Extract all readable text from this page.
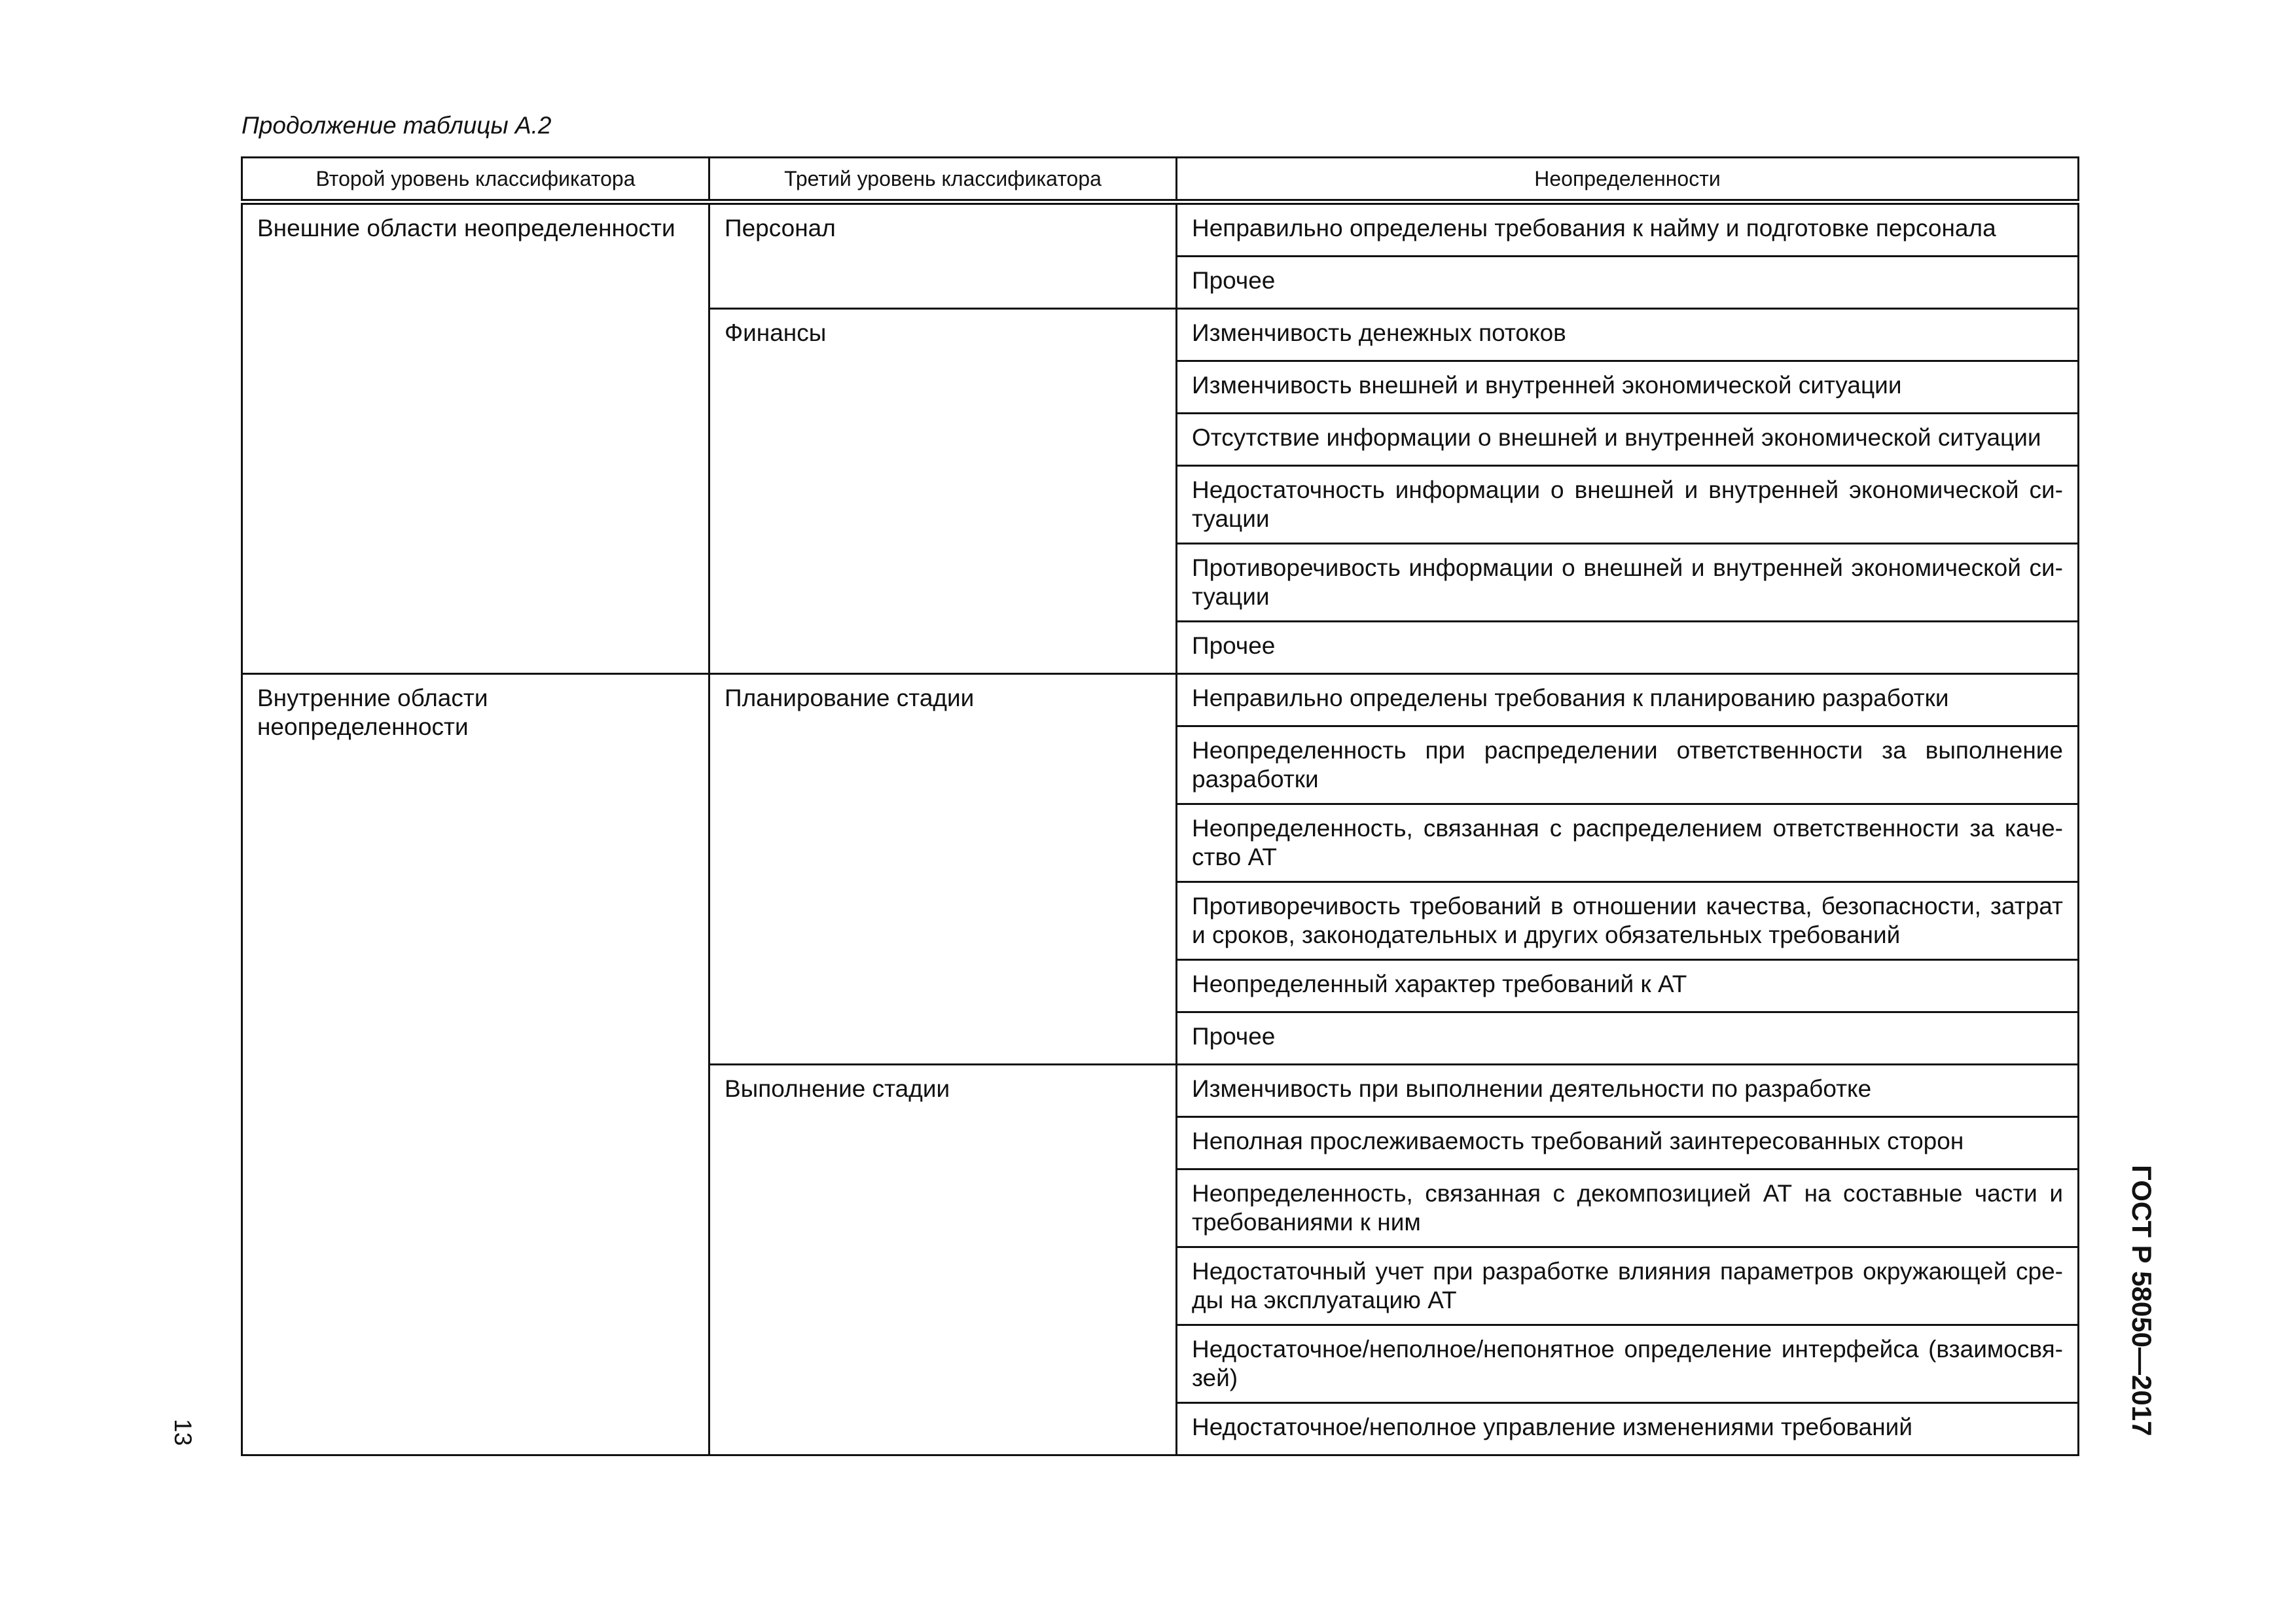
Продолжение таблицы А.2
Второй уровень классификатора	Третий уровень классификатора	Неопределенности
Внешние области неопределенности	Персонал	Неправильно определены требования к найму и подготовке персонала
		Прочее
	Финансы	Изменчивость денежных потоков
		Изменчивость внешней и внутренней экономической ситуации
		Отсутствие информации о внешней и внутренней экономической ситуации
		Недостаточность информации о внешней и внутренней экономической си-туации
		Противоречивость информации о внешней и внутренней экономической си-туации
		Прочее
Внутренние области неопределенности	Планирование стадии	Неправильно определены требования к планированию разработки
		Неопределенность при распределении ответственности за выполнение разработки
		Неопределенность, связанная с распределением ответственности за каче-ство АТ
		Противоречивость требований в отношении качества, безопасности, затрат и сроков, законодательных и других обязательных требований
		Неопределенный характер требований к АТ
		Прочее
	Выполнение стадии	Изменчивость при выполнении деятельности по разработке
		Неполная прослеживаемость требований заинтересованных сторон
		Неопределенность, связанная с декомпозицией АТ на составные части и требованиями к ним
		Недостаточный учет при разработке влияния параметров окружающей сре-ды на эксплуатацию АТ
		Недостаточное/неполное/непонятное определение интерфейса (взаимосвя-зей)
		Недостаточное/неполное управление изменениями требований
13	ГОСТ Р 58050—2017
